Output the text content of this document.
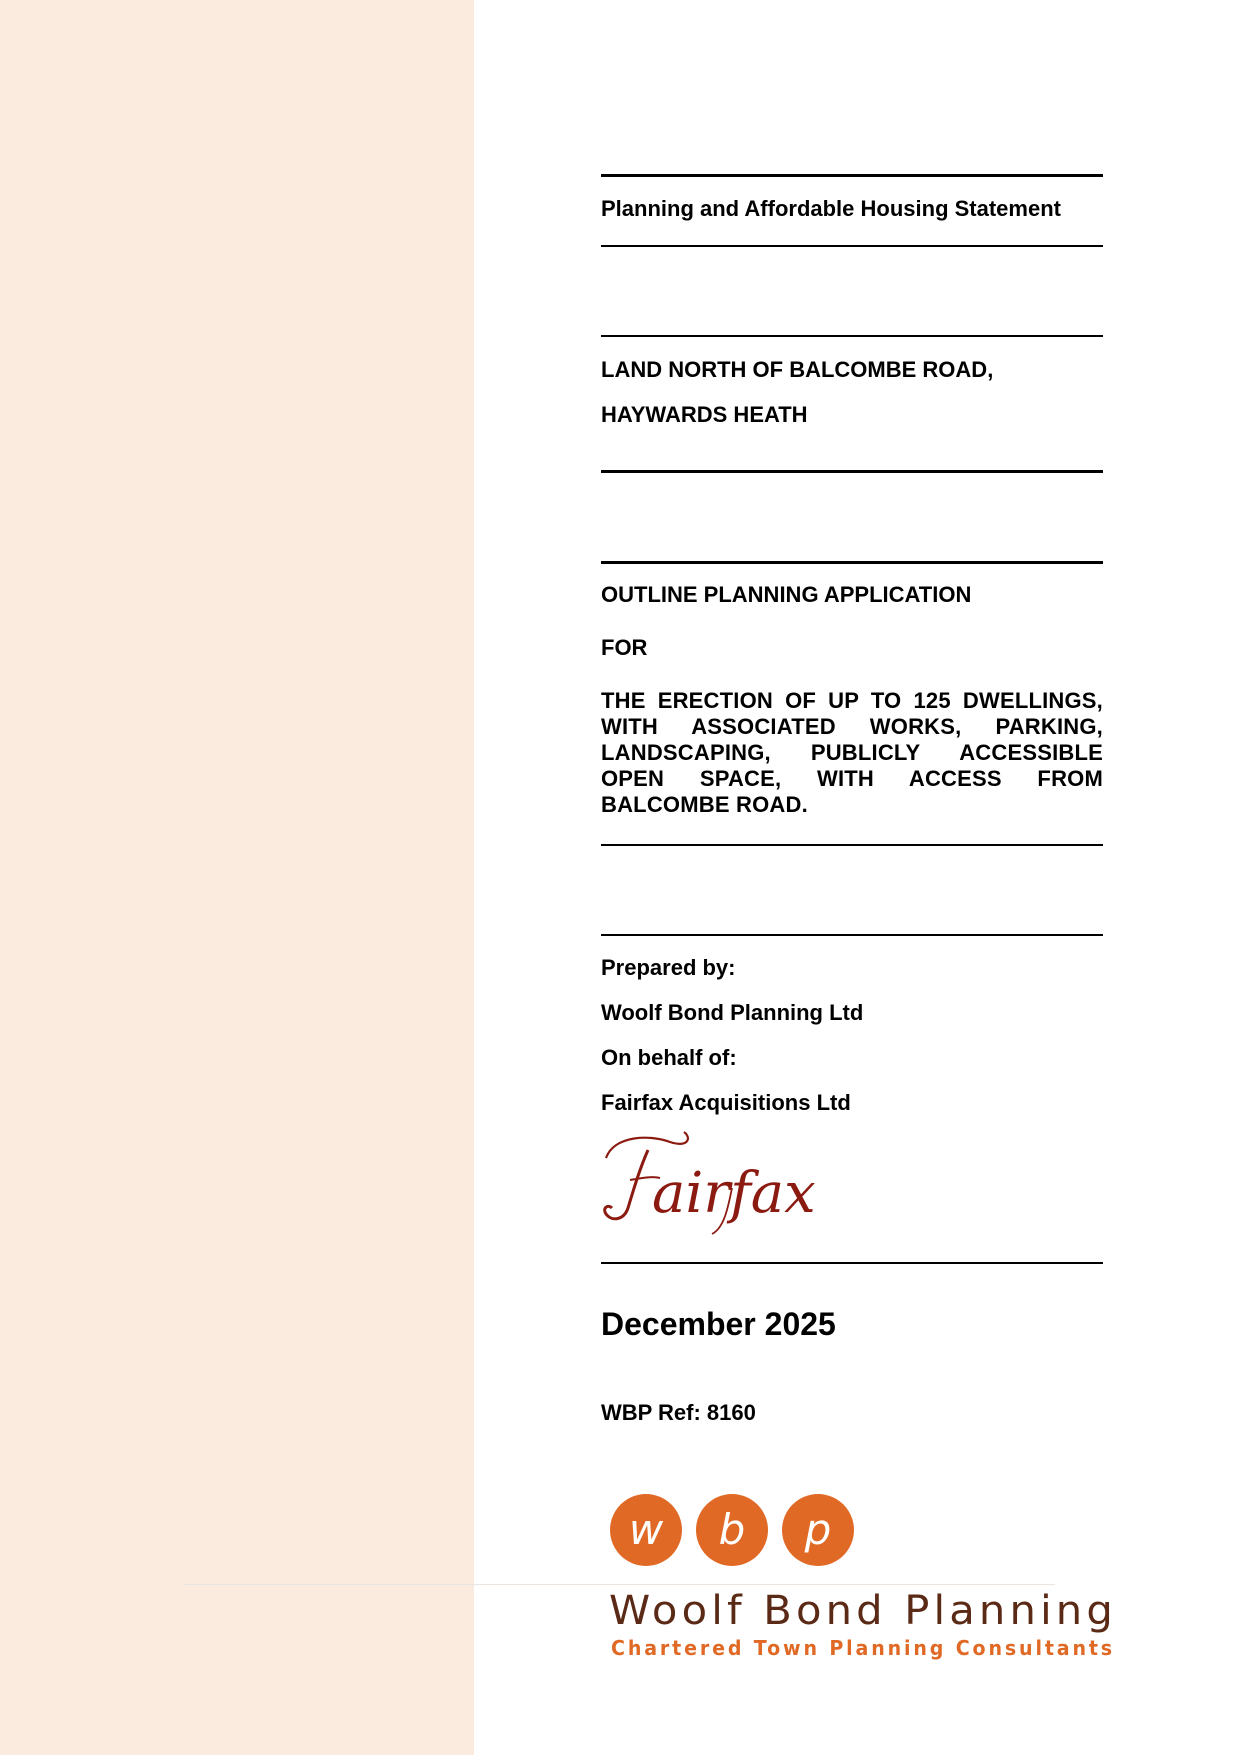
Planning and Affordable Housing Statement
LAND NORTH OF BALCOMBE ROAD,
HAYWARDS HEATH
OUTLINE PLANNING APPLICATION
FOR
THE ERECTION OF UP TO 125 DWELLINGS, WITH ASSOCIATED WORKS, PARKING, LANDSCAPING, PUBLICLY ACCESSIBLE OPEN SPACE, WITH ACCESS FROM BALCOMBE ROAD.
Prepared by:
Woolf Bond Planning Ltd
On behalf of:
Fairfax Acquisitions Ltd
airfax
December 2025
WBP Ref: 8160
w b p
Woolf Bond Planning
Chartered Town Planning Consultants
